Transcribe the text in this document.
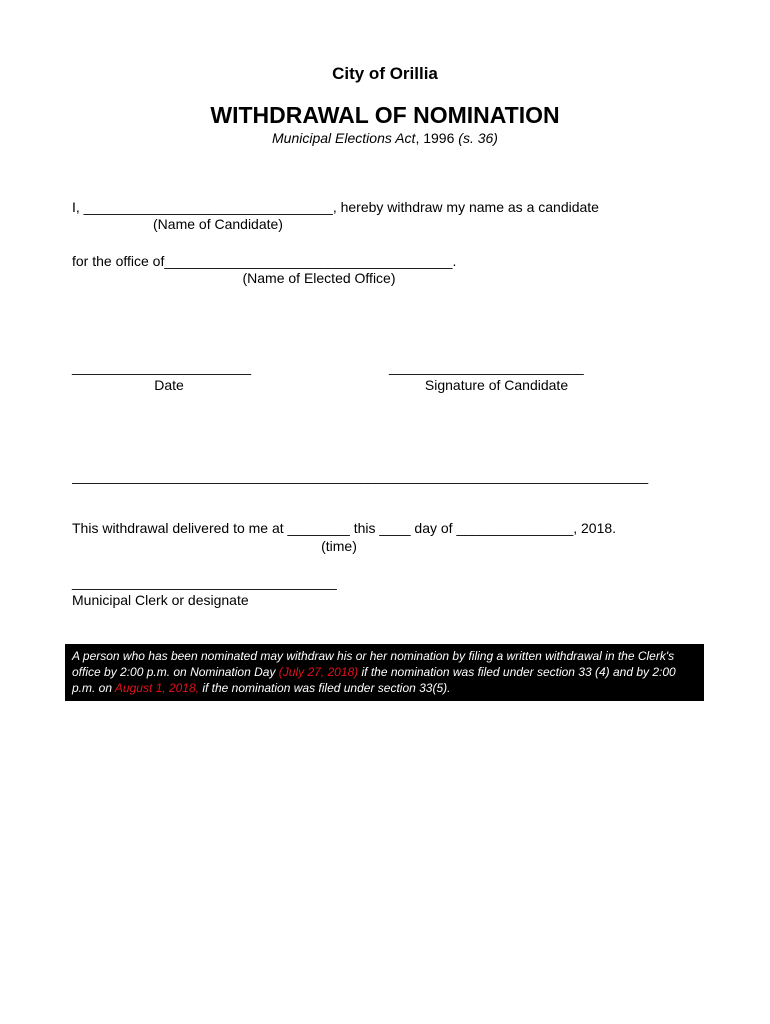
City of Orillia
WITHDRAWAL OF NOMINATION
Municipal Elections Act, 1996 (s. 36)
I, ________________________________, hereby withdraw my name as a candidate
(Name of Candidate)
for the office of_____________________________________.
(Name of Elected Office)
_______________________
Date
_________________________
Signature of Candidate
__________________________________________________________________________
This withdrawal delivered to me at ________ this ____ day of _______________, 2018.
(time)
__________________________________
Municipal Clerk or designate
A person who has been nominated may withdraw his or her nomination by filing a written withdrawal in the Clerk's office by 2:00 p.m. on Nomination Day (July 27, 2018) if the nomination was filed under section 33 (4) and by 2:00 p.m. on August 1, 2018, if the nomination was filed under section 33(5).
